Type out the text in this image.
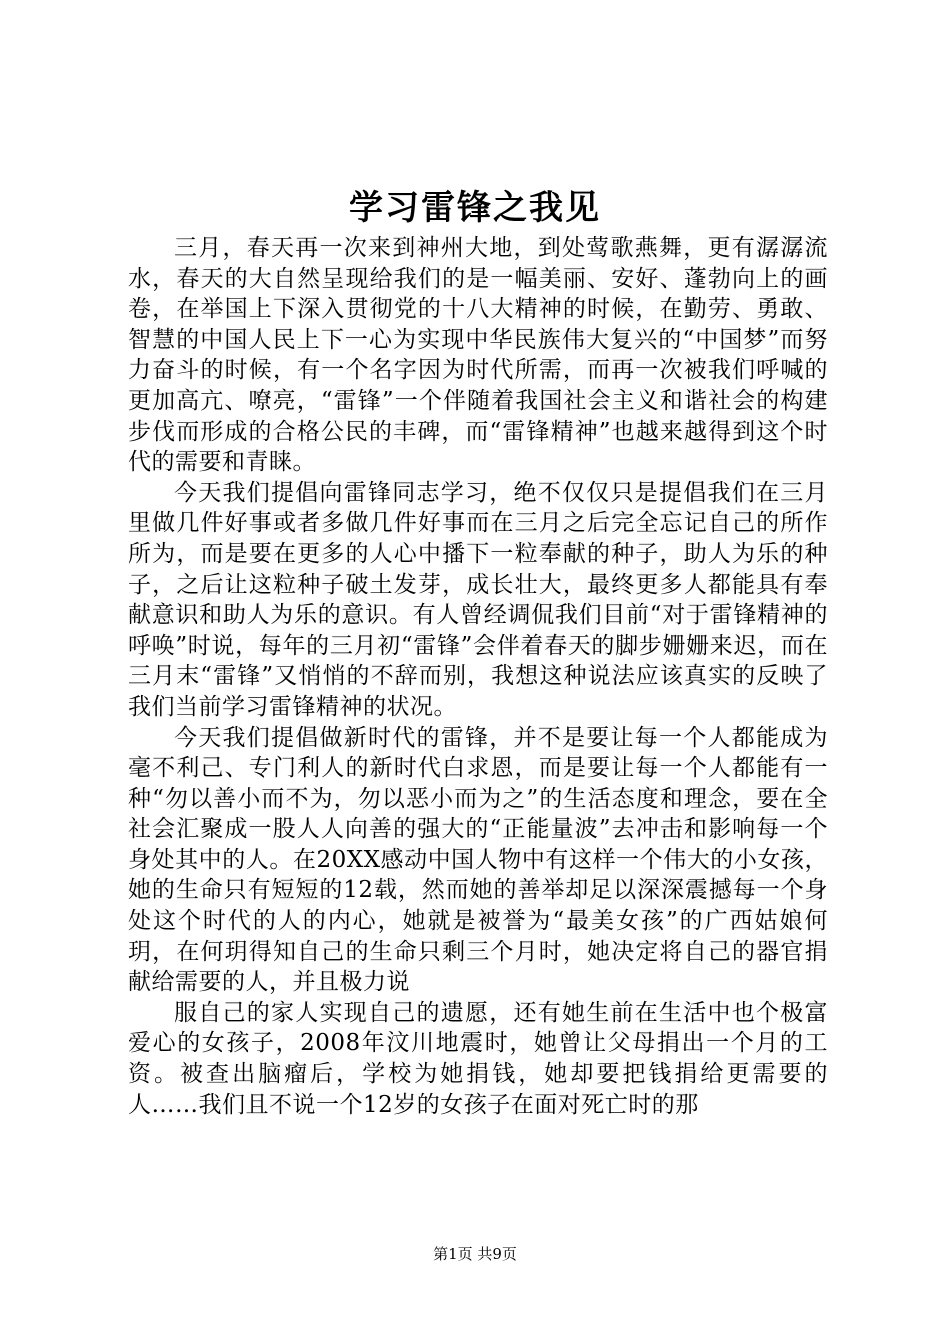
学习雷锋之我见

三月，春天再一次来到神州大地，到处莺歌燕舞，更有潺潺流水，春天的大自然呈现给我们的是一幅美丽、安好、蓬勃向上的画卷，在举国上下深入贯彻党的十八大精神的时候，在勤劳、勇敢、智慧的中国人民上下一心为实现中华民族伟大复兴的“中国梦”而努力奋斗的时候，有一个名字因为时代所需，而再一次被我们呼喊的更加高亢、嘹亮，“雷锋”一个伴随着我国社会主义和谐社会的构建步伐而形成的合格公民的丰碑，而“雷锋精神”也越来越得到这个时代的需要和青睐。

今天我们提倡向雷锋同志学习，绝不仅仅只是提倡我们在三月里做几件好事或者多做几件好事而在三月之后完全忘记自己的所作所为，而是要在更多的人心中播下一粒奉献的种子，助人为乐的种子，之后让这粒种子破土发芽，成长壮大，最终更多人都能具有奉献意识和助人为乐的意识。有人曾经调侃我们目前“对于雷锋精神的呼唤”时说，每年的三月初“雷锋”会伴着春天的脚步姗姗来迟，而在三月末“雷锋”又悄悄的不辞而别，我想这种说法应该真实的反映了我们当前学习雷锋精神的状况。

今天我们提倡做新时代的雷锋，并不是要让每一个人都能成为毫不利己、专门利人的新时代白求恩，而是要让每一个人都能有一种“勿以善小而不为，勿以恶小而为之”的生活态度和理念，要在全社会汇聚成一股人人向善的强大的“正能量波”去冲击和影响每一个身处其中的人。在20XX感动中国人物中有这样一个伟大的小女孩，她的生命只有短短的12载，然而她的善举却足以深深震撼每一个身处这个时代的人的内心，她就是被誉为“最美女孩”的广西姑娘何玥，在何玥得知自己的生命只剩三个月时，她决定将自己的器官捐献给需要的人，并且极力说

服自己的家人实现自己的遗愿，还有她生前在生活中也个极富爱心的女孩子，2008年汶川地震时，她曾让父母捐出一个月的工资。被查出脑瘤后，学校为她捐钱，她却要把钱捐给更需要的人……我们且不说一个12岁的女孩子在面对死亡时的那

第1页 共9页
